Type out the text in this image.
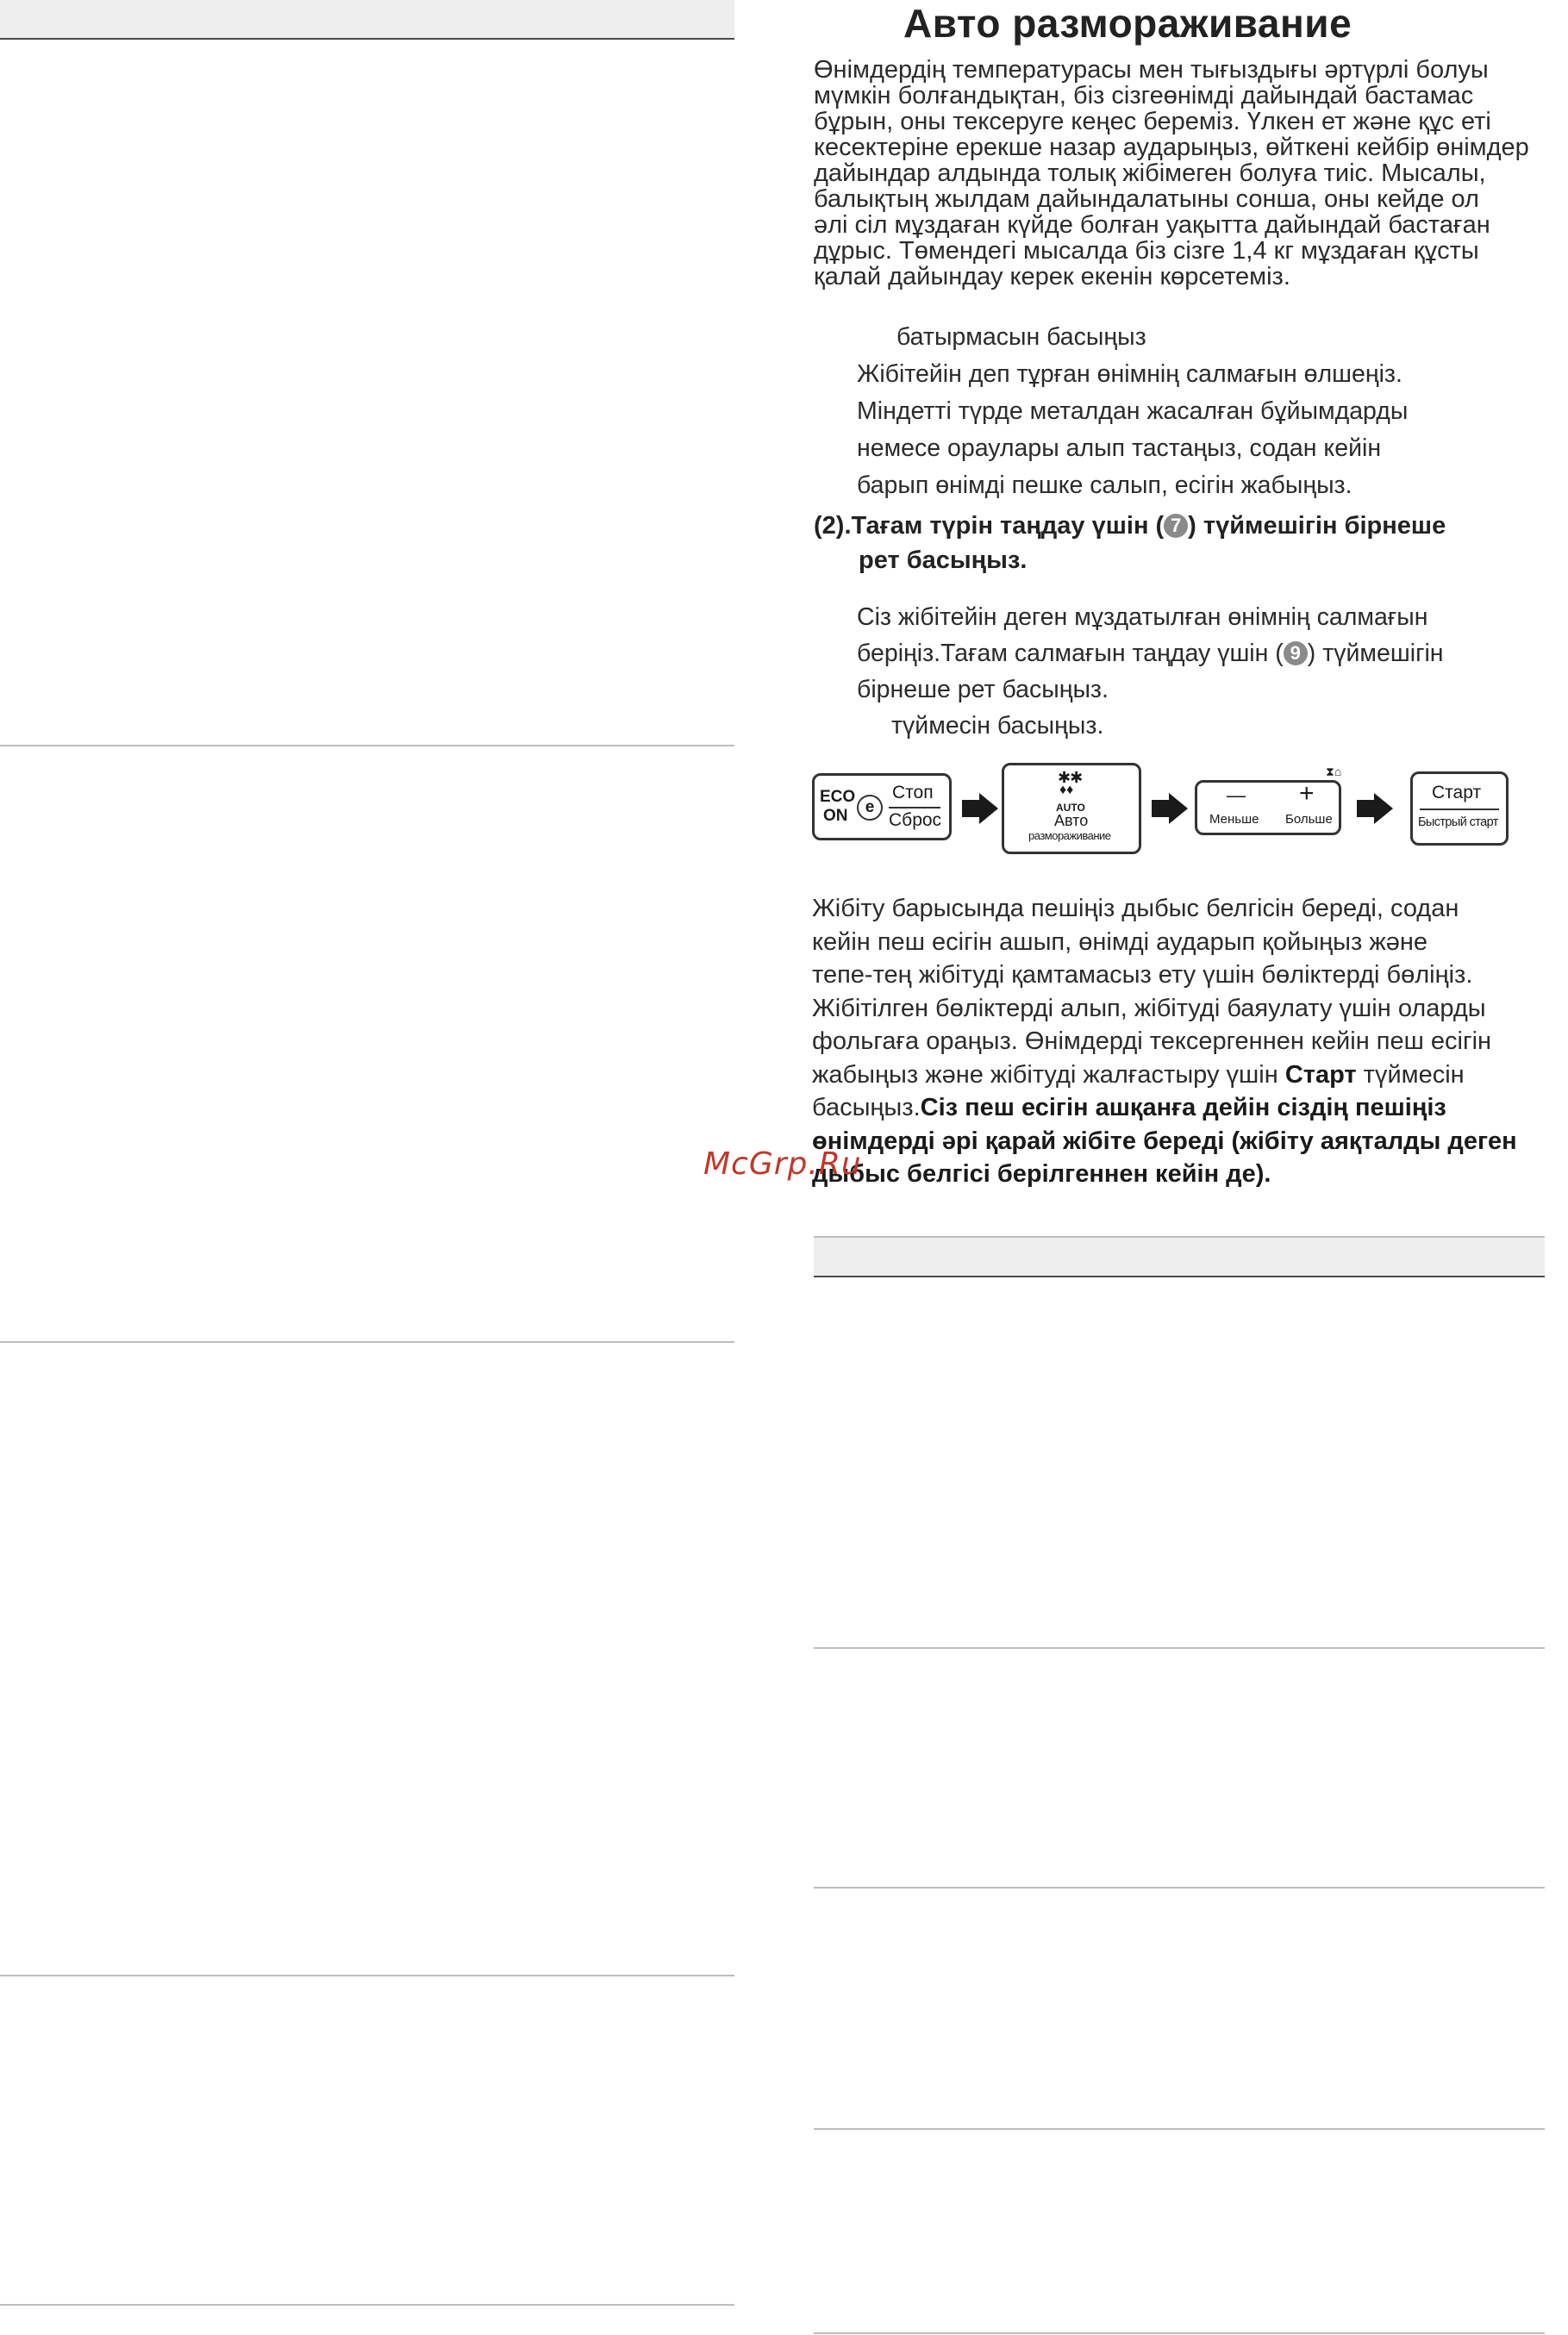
Авто размораживание

Өнімдердің температурасы мен тығыздығы әртүрлі болуы

мүмкін болғандықтан, біз сізгеөнімді дайындай бастамас

бұрын, оны тексеруге кеңес береміз. Үлкен ет және құс еті

кесектеріне ерекше назар аударыңыз, өйткені кейбір өнімдер

дайындар алдында толық жібімеген болуға тиіс. Мысалы,

балықтың жылдам дайындалатыны сонша, оны кейде ол

әлі сіл мұздаған күйде болған уақытта дайындай бастаған

дұрыс. Төмендегі мысалда біз сізге 1,4 кг мұздаған құсты

қалай дайындау керек екенін көрсетеміз.

батырмасын басыңыз

Жібітейін деп тұрған өнімнің салмағын өлшеңіз.

Міндетті түрде металдан жасалған бұйымдарды

немесе ораулары алып тастаңыз, содан кейін

барып өнімді пешке салып, есігін жабыңыз.

(2).Тағам түрін таңдау үшін ( 7 ) түймешігін бірнеше

рет басыңыз.

Сіз жібітейін деген мұздатылған өнімнің салмағын

беріңіз.Тағам салмағын таңдау үшін ( 9 ) түймешігін

бірнеше рет басыңыз.

түймесін басыңыз.

ECO
ON	e
Стоп
Сброс
✱✱
♦♦
AUTO
Авто
размораживание
⧗⌂
— +
Меньше Больше
Старт
Быстрый старт

Жібіту барысында пешіңіз дыбыс белгісін береді, содан

кейін пеш есігін ашып, өнімді аударып қойыңыз және

тепе-тең жібітуді қамтамасыз ету үшін бөліктерді бөліңіз.

Жібітілген бөліктерді алып, жібітуді баяулату үшін оларды

фольгаға ораңыз. Өнімдерді тексергеннен кейін пеш есігін

жабыңыз және жібітуді жалғастыру үшін Старт түймесін

басыңыз.Сіз пеш есігін ашқанға дейін сіздің пешіңіз

өнімдерді әрі қарай жібіте береді (жібіту аяқталды деген

дыбыс белгісі берілгеннен кейін де).

McGrp.Ru
